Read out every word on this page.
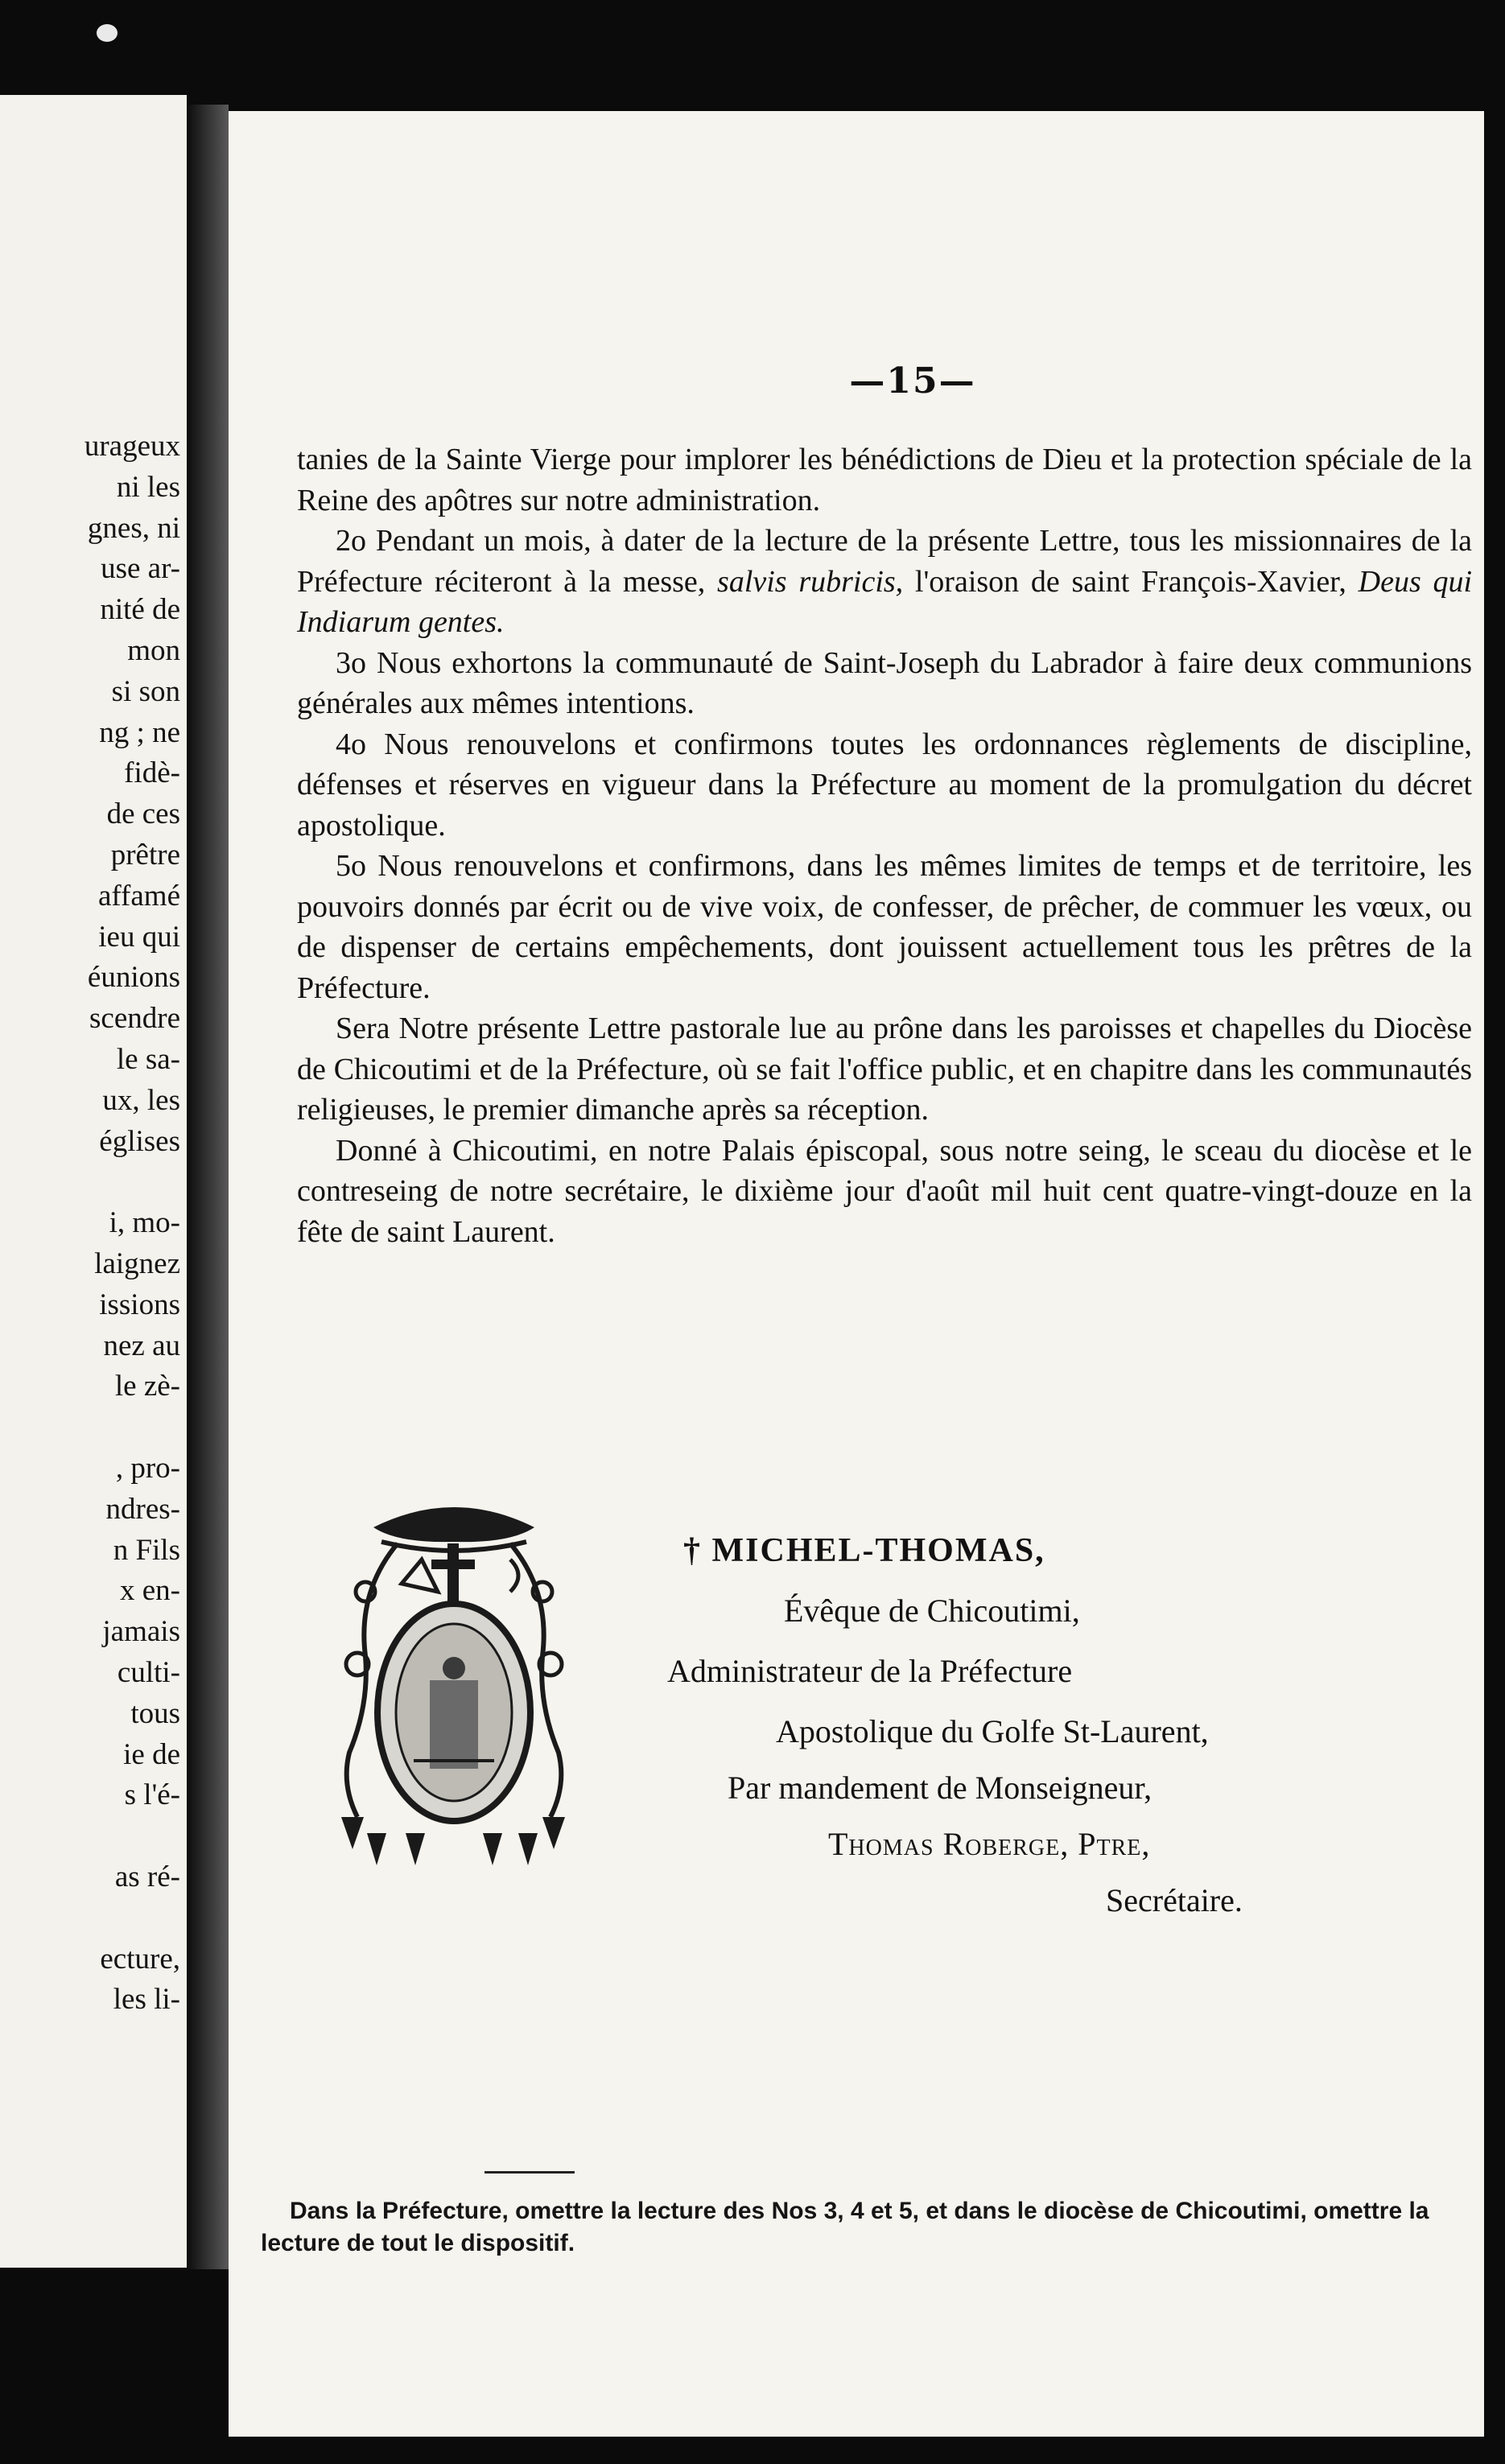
urageux
ni les
gnes, ni
use ar-
nité de
mon
si son
ng ; ne
fidè-
de ces
prêtre
affamé
ieu qui
éunions
scendre
le sa-
ux, les
églises
i, mo-
laignez
issions
nez au
le zè-
, pro-
ndres-
n Fils
x en-
jamais
culti-
tous
ie de
s l'é-
as ré-
ecture,
les li-
—15—

tanies de la Sainte Vierge pour implorer les bénédictions de Dieu et la protection spéciale de la Reine des apôtres sur notre administration.

2o Pendant un mois, à dater de la lecture de la présente Lettre, tous les missionnaires de la Préfecture réciteront à la messe, salvis rubricis, l'oraison de saint François-Xavier, Deus qui Indiarum gentes.

3o Nous exhortons la communauté de Saint-Joseph du Labrador à faire deux communions générales aux mêmes intentions.

4o Nous renouvelons et confirmons toutes les ordonnances règlements de discipline, défenses et réserves en vigueur dans la Préfecture au moment de la promulgation du décret apostolique.

5o Nous renouvelons et confirmons, dans les mêmes limites de temps et de territoire, les pouvoirs donnés par écrit ou de vive voix, de confesser, de prêcher, de commuer les vœux, ou de dispenser de certains empêchements, dont jouissent actuellement tous les prêtres de la Préfecture.

Sera Notre présente Lettre pastorale lue au prône dans les paroisses et chapelles du Diocèse de Chicoutimi et de la Préfecture, où se fait l'office public, et en chapitre dans les communautés religieuses, le premier dimanche après sa réception.

Donné à Chicoutimi, en notre Palais épiscopal, sous notre seing, le sceau du diocèse et le contreseing de notre secrétaire, le dixième jour d'août mil huit cent quatre-vingt-douze en la fête de saint Laurent.

† MICHEL-THOMAS,
Évêque de Chicoutimi,
Administrateur de la Préfecture
Apostolique du Golfe St-Laurent,
Par mandement de Monseigneur,
Thomas Roberge, Ptre,
Secrétaire.
Dans la Préfecture, omettre la lecture des Nos 3, 4 et 5, et dans le diocèse de Chicoutimi, omettre la lecture de tout le dispositif.
